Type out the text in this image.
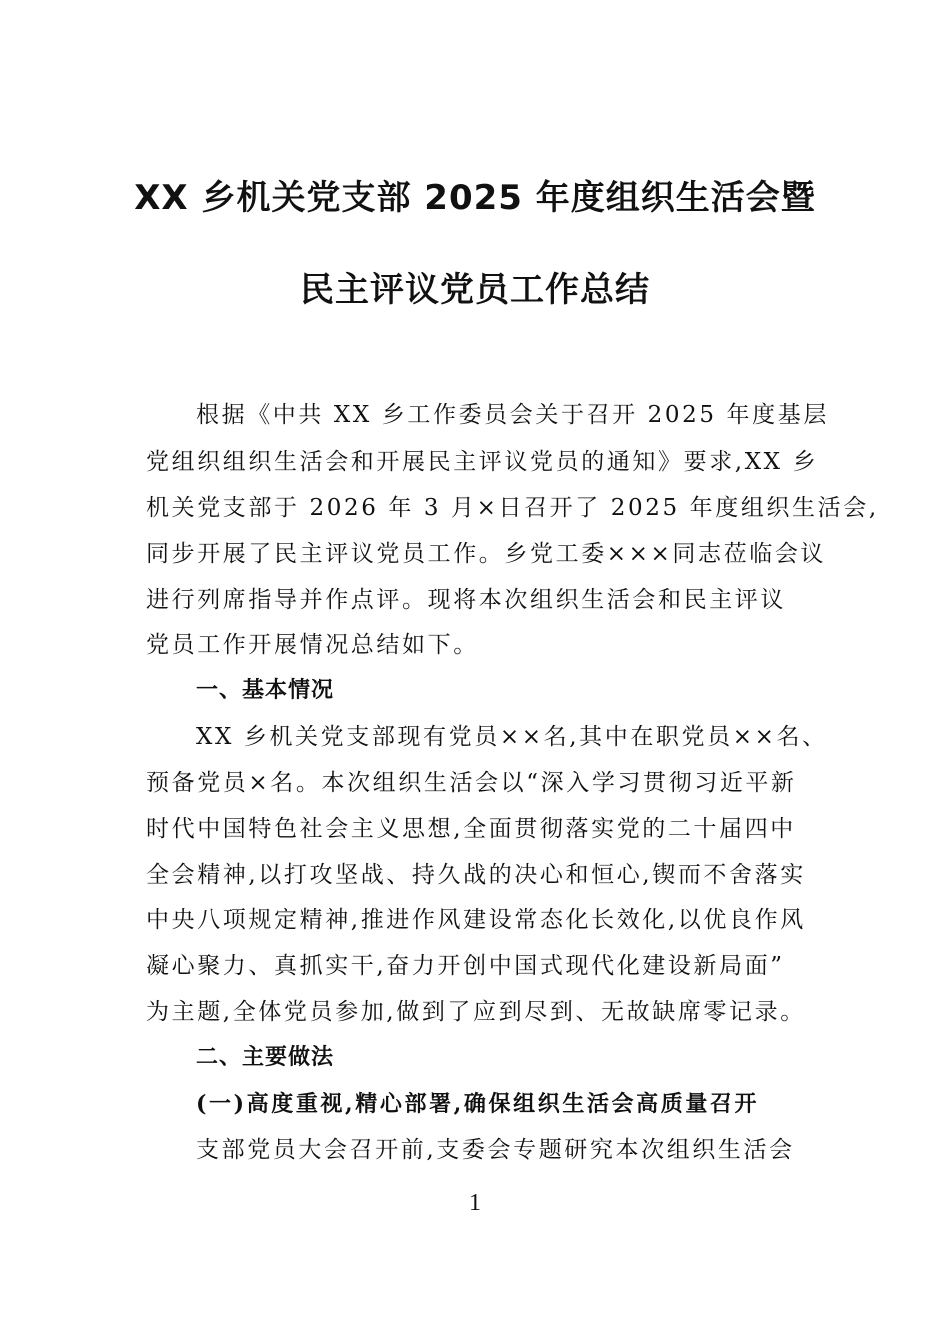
XX 乡机关党支部 2025 年度组织生活会暨
民主评议党员工作总结
根据《中共 XX 乡工作委员会关于召开 2025 年度基层
党组织组织生活会和开展民主评议党员的通知》要求,XX 乡
机关党支部于 2026 年 3 月×日召开了 2025 年度组织生活会,
同步开展了民主评议党员工作。乡党工委×××同志莅临会议
进行列席指导并作点评。现将本次组织生活会和民主评议
党员工作开展情况总结如下。
一、基本情况
XX 乡机关党支部现有党员××名,其中在职党员××名、
预备党员×名。本次组织生活会以“深入学习贯彻习近平新
时代中国特色社会主义思想,全面贯彻落实党的二十届四中
全会精神,以打攻坚战、持久战的决心和恒心,锲而不舍落实
中央八项规定精神,推进作风建设常态化长效化,以优良作风
凝心聚力、真抓实干,奋力开创中国式现代化建设新局面”
为主题,全体党员参加,做到了应到尽到、无故缺席零记录。
二、主要做法
(一)高度重视,精心部署,确保组织生活会高质量召开
支部党员大会召开前,支委会专题研究本次组织生活会
1
